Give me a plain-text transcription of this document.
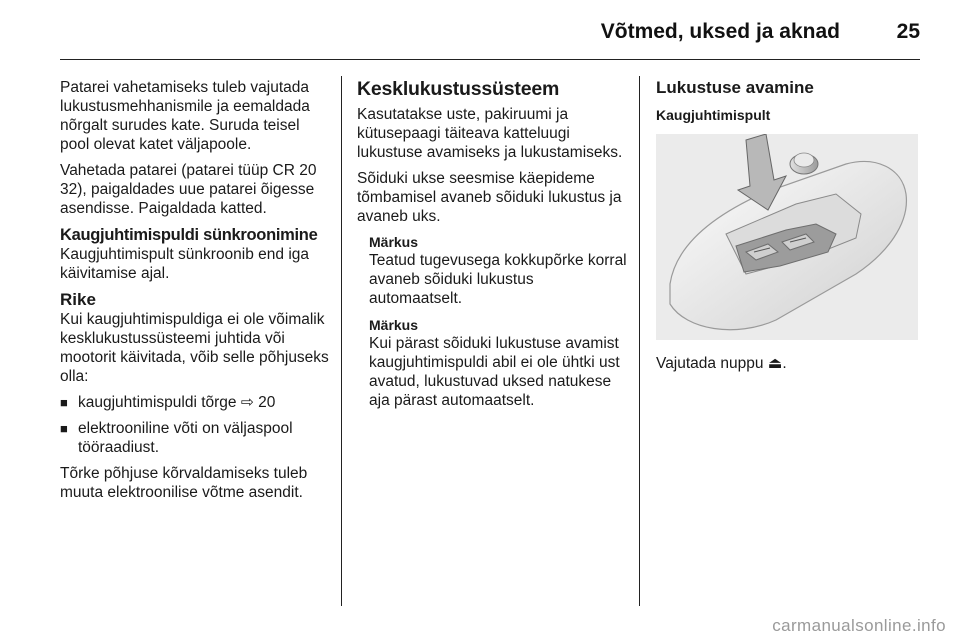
Võtmed, uksed ja aknad	25

Patarei vahetamiseks tuleb vajutada lukustusmehhanismile ja eemaldada nõrgalt surudes kate. Suruda teisel pool olevat katet väljapoole.

Vahetada patarei (patarei tüüp CR 20 32), paigaldades uue patarei õigesse asendisse. Paigaldada katted.

Kaugjuhtimispuldi sünkroonimine

Kaugjuhtimispult sünkroonib end iga käivitamise ajal.

Rike

Kui kaugjuhtimispuldiga ei ole võimalik kesklukustussüsteemi juhtida või mootorit käivitada, võib selle põhjuseks olla:

■ kaugjuhtimispuldi tõrge ⇨ 20
■ elektrooniline võti on väljaspool tööraadiust.

Tõrke põhjuse kõrvaldamiseks tuleb muuta elektroonilise võtme asendit.

Kesklukustussüsteem

Kasutatakse uste, pakiruumi ja kütusepaagi täiteava katteluugi lukustuse avamiseks ja lukustamiseks.

Sõiduki ukse seesmise käepideme tõmbamisel avaneb sõiduki lukustus ja avaneb uks.

Märkus
Teatud tugevusega kokkupõrke korral avaneb sõiduki lukustus automaatselt.
Märkus
Kui pärast sõiduki lukustuse avamist kaugjuhtimispuldi abil ei ole ühtki ust avatud, lukustuvad uksed natukese aja pärast automaatselt.
Lukustuse avamine
Kaugjuhtimispult

Vajutada nuppu ⏏.

carmanualsonline.info
